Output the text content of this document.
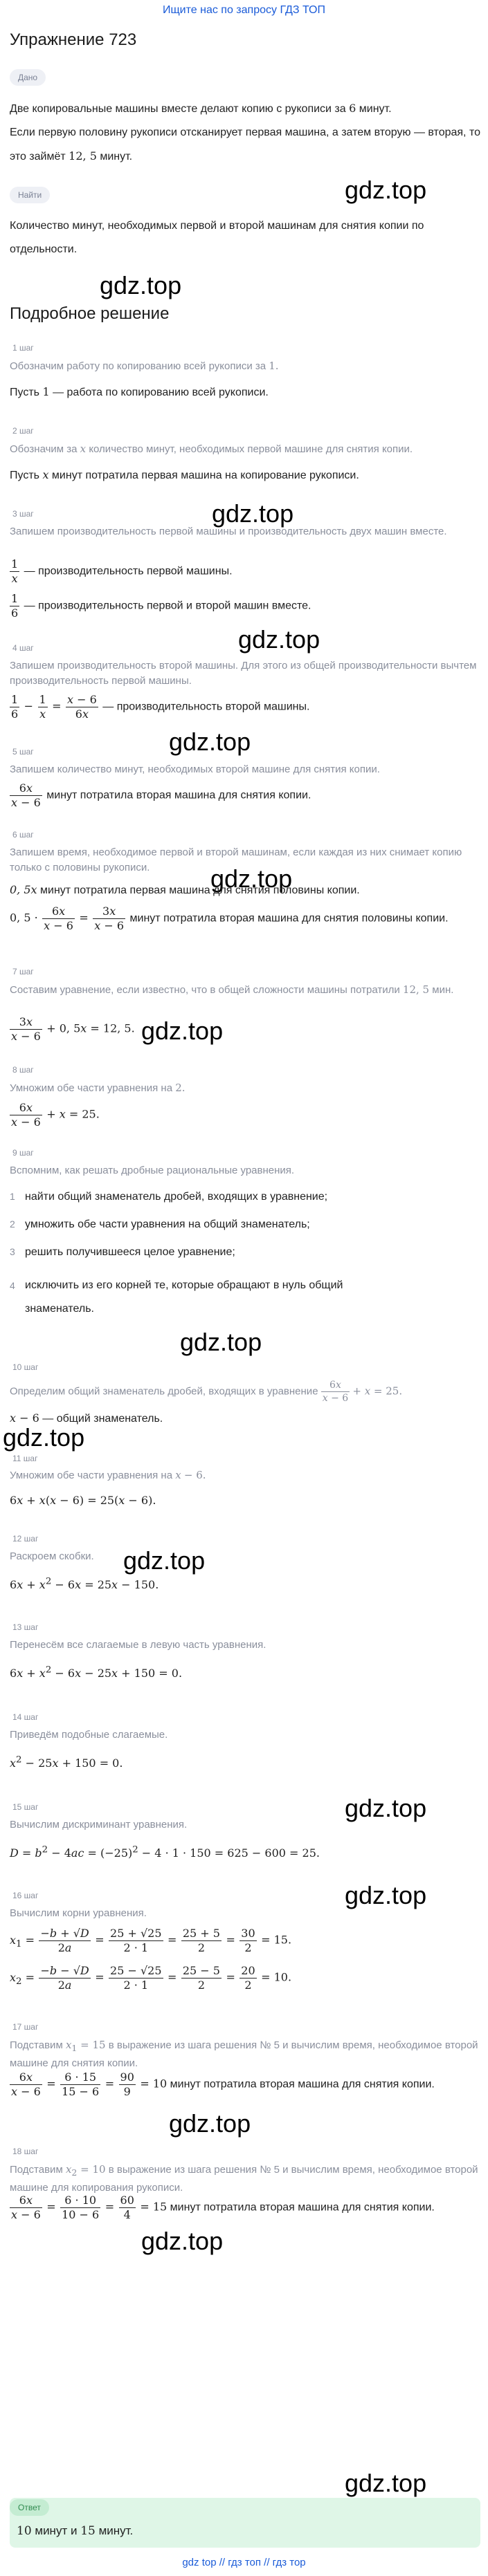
Ищите нас по запросу ГДЗ ТОП
Упражнение 723
Дано
Две копировальные машины вместе делают копию с рукописи за 6 минут.
Если первую половину рукописи отсканирует первая машина, а затем вторую — вторая, то это займёт 12, 5 минут.
gdz.top
Найти
Количество минут, необходимых первой и второй машинам для снятия копии по отдельности.
gdz.top
Подробное решение
1 шаг
Обозначим работу по копированию всей рукописи за 1.
Пусть 1 — работа по копированию всей рукописи.
2 шаг
Обозначим за x количество минут, необходимых первой машине для снятия копии.
Пусть x минут потратила первая машина на копирование рукописи.
gdz.top
3 шаг
Запишем производительность первой машины и производительность двух машин вместе.
$\frac{1}{x}$ — производительность первой машины.
$\frac{1}{6}$ — производительность первой и второй машин вместе.
gdz.top
4 шаг
Запишем производительность второй машины. Для этого из общей производительности вычтем производительность первой машины.
$\frac{1}{6} - \frac{1}{x} = \frac{x - 6}{6x}$ — производительность второй машины.
gdz.top
5 шаг
Запишем количество минут, необходимых второй машине для снятия копии.
$\frac{6x}{x - 6}$ минут потратила вторая машина для снятия копии.
6 шаг
Запишем время, необходимое первой и второй машинам, если каждая из них снимает копию только с половины рукописи.	gdz.top
0, 5x минут потратила первая машина для снятия половины копии.
0, $5 \cdot \frac{6x}{x - 6} = \frac{3x}{x - 6}$ минут потратила вторая машина для снятия половины копии.
7 шаг
Составим уравнение, если известно, что в общей сложности машины потратили 12, 5 мин.
$\frac{3x}{x - 6} + 0$, 5x = 12, 5. gdz.top
8 шаг
Умножим обе части уравнения на 2.
$\frac{6x}{x - 6} + x = 25$.
9 шаг
Вспомним, как решать дробные рациональные уравнения.
1 найти общий знаменатель дробей, входящих в уравнение;
2 умножить обе части уравнения на общий знаменатель;
3 решить получившееся целое уравнение;
4 исключить из его корней те, которые обращают в нуль общий знаменатель.
gdz.top
10 шаг
Определим общий знаменатель дробей, входящих в уравнение $\frac{6x}{x - 6} + x = 25$.
x − 6 — общий знаменатель.
gdz.top
11 шаг
Умножим обе части уравнения на x − 6.
6x + x(x − 6) = 25(x − 6).
gdz.top
12 шаг
Раскроем скобки.
$6x + x^2 - 6x = 25x - 150$.
13 шаг
Перенесём все слагаемые в левую часть уравнения.
$6x + x^2 - 6x - 25x + 150 = 0$.
14 шаг
Приведём подобные слагаемые.
$x^2 - 25x + 150 = 0$.
15 шаг	gdz.top
Вычислим дискриминант уравнения.
$D = b^2 - 4ac = (-25)^2 - 4 \cdot 1 \cdot 150 = 625 - 600 = 25$.
16 шаг	gdz.top
Вычислим корни уравнения.
$x_1 = \frac{-b + √D}{2a} = \frac{25 + √25}{2 \cdot 1} = \frac{25 + 5}{2} = \frac{30}{2} = 15$.
$x_2 = \frac{-b - √D}{2a} = \frac{25 - √25}{2 \cdot 1} = \frac{25 - 5}{2} = \frac{20}{2} = 10$.
17 шаг
Подставим $x_1 = 15$ в выражение из шага решения № 5 и вычислим время, необходимое второй машине для снятия копии.
$\frac{6x}{x - 6} = \frac{6 \cdot 15}{15 - 6} = \frac{90}{9} = 10$ минут потратила вторая машина для снятия копии.
gdz.top
18 шаг
Подставим $x_2 = 10$ в выражение из шага решения № 5 и вычислим время, необходимое второй машине для копирования рукописи.
$\frac{6x}{x - 6} = \frac{6 \cdot 10}{10 - 6} = \frac{60}{4} = 15$ минут потратила вторая машина для снятия копии.
gdz.top
gdz.top
Ответ
10 минут и 15 минут.
gdz top // гдз топ // гдз тор
